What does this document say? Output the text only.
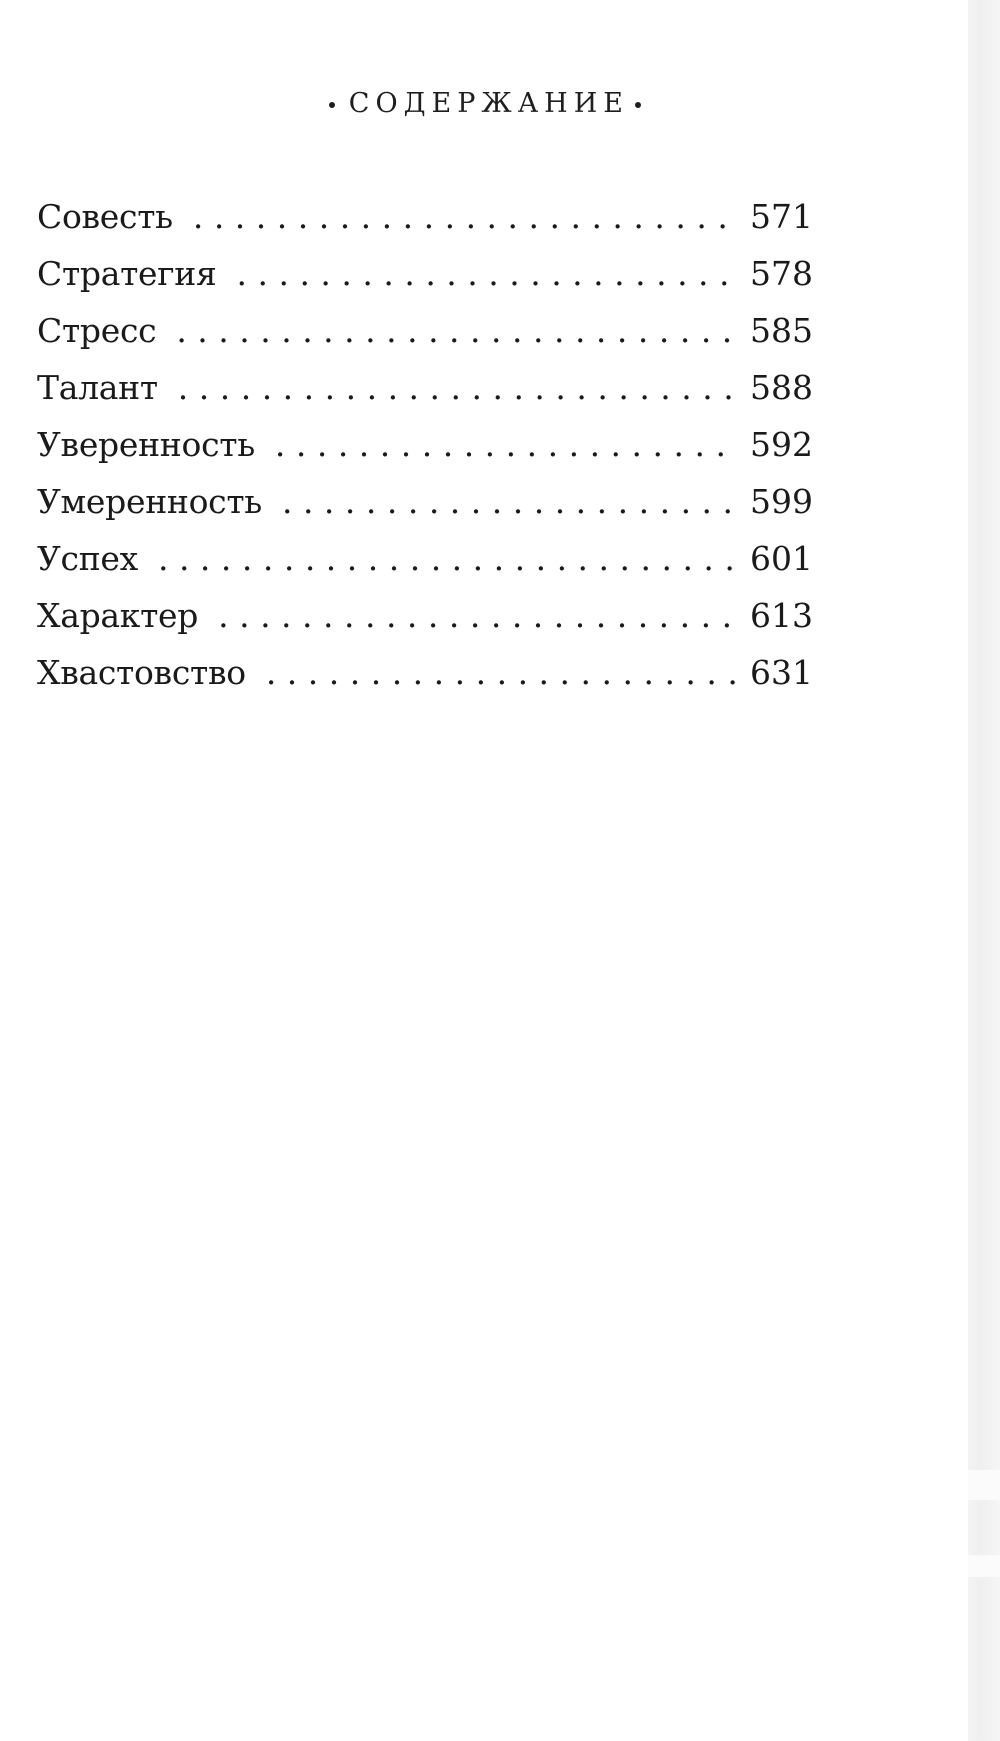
СОДЕРЖАНИЕ
Совесть . . .	571
Стратегия . . .	578
Стресс . . .	585
Талант . . .	588
Уверенность . . .	592
Умеренность . . .	599
Успех . . .	601
Характер . . .	613
Хвастовство . . .	631
